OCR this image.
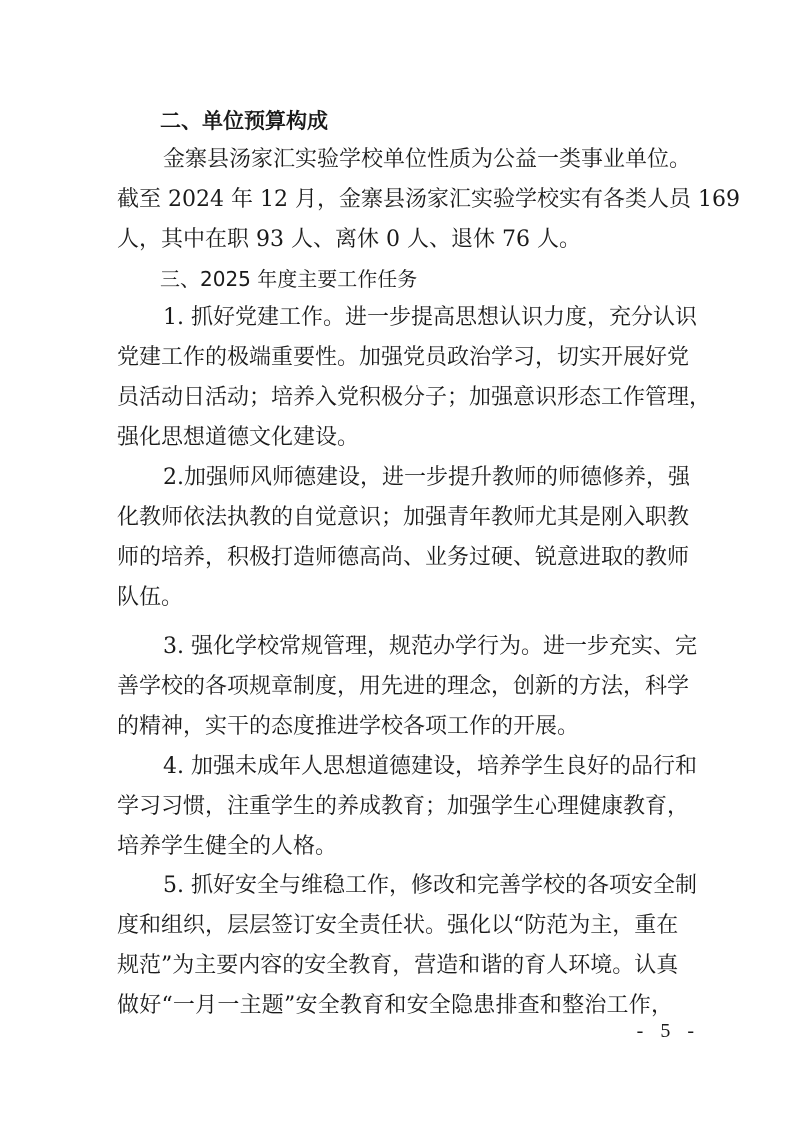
二、单位预算构成
金寨县汤家汇实验学校单位性质为公益一类事业单位。
截至 2024 年 12 月，金寨县汤家汇实验学校实有各类人员 169
人，其中在职 93 人、离休 0 人、退休 76 人。
三、2025 年度主要工作任务
1. 抓好党建工作。进一步提高思想认识力度，充分认识
党建工作的极端重要性。加强党员政治学习，切实开展好党
员活动日活动；培养入党积极分子；加强意识形态工作管理，
强化思想道德文化建设。
2.加强师风师德建设，进一步提升教师的师德修养，强
化教师依法执教的自觉意识；加强青年教师尤其是刚入职教
师的培养，积极打造师德高尚、业务过硬、锐意进取的教师
队伍。
3. 强化学校常规管理，规范办学行为。进一步充实、完
善学校的各项规章制度，用先进的理念，创新的方法，科学
的精神，实干的态度推进学校各项工作的开展。
4. 加强未成年人思想道德建设，培养学生良好的品行和
学习习惯，注重学生的养成教育；加强学生心理健康教育，
培养学生健全的人格。
5. 抓好安全与维稳工作，修改和完善学校的各项安全制
度和组织，层层签订安全责任状。强化以“防范为主，重在
规范”为主要内容的安全教育，营造和谐的育人环境。认真
做好“一月一主题”安全教育和安全隐患排查和整治工作，
- 5 -
